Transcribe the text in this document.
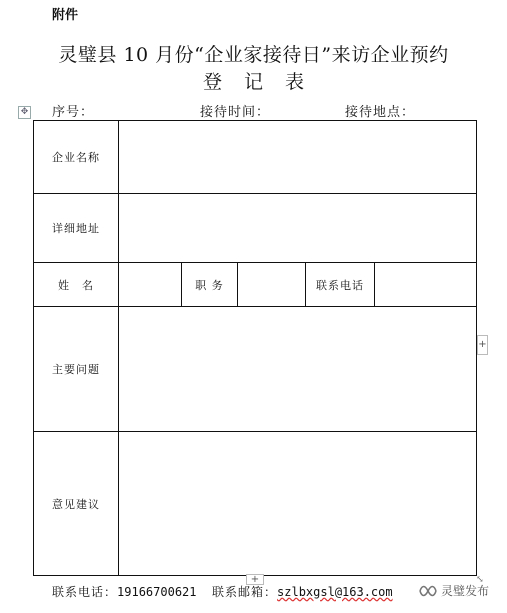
附件
灵璧县 10 月份“企业家接待日”来访企业预约
登记表
✥ 序号：	接待时间：	接待地点：
企业名称					
详细地址					
姓　名		职 务		联系电话	
主要问题					
意见建议					
+
+
联系电话：19166700621 联系邮箱：szlbxgsl@163.com
⤡
灵璧发布
